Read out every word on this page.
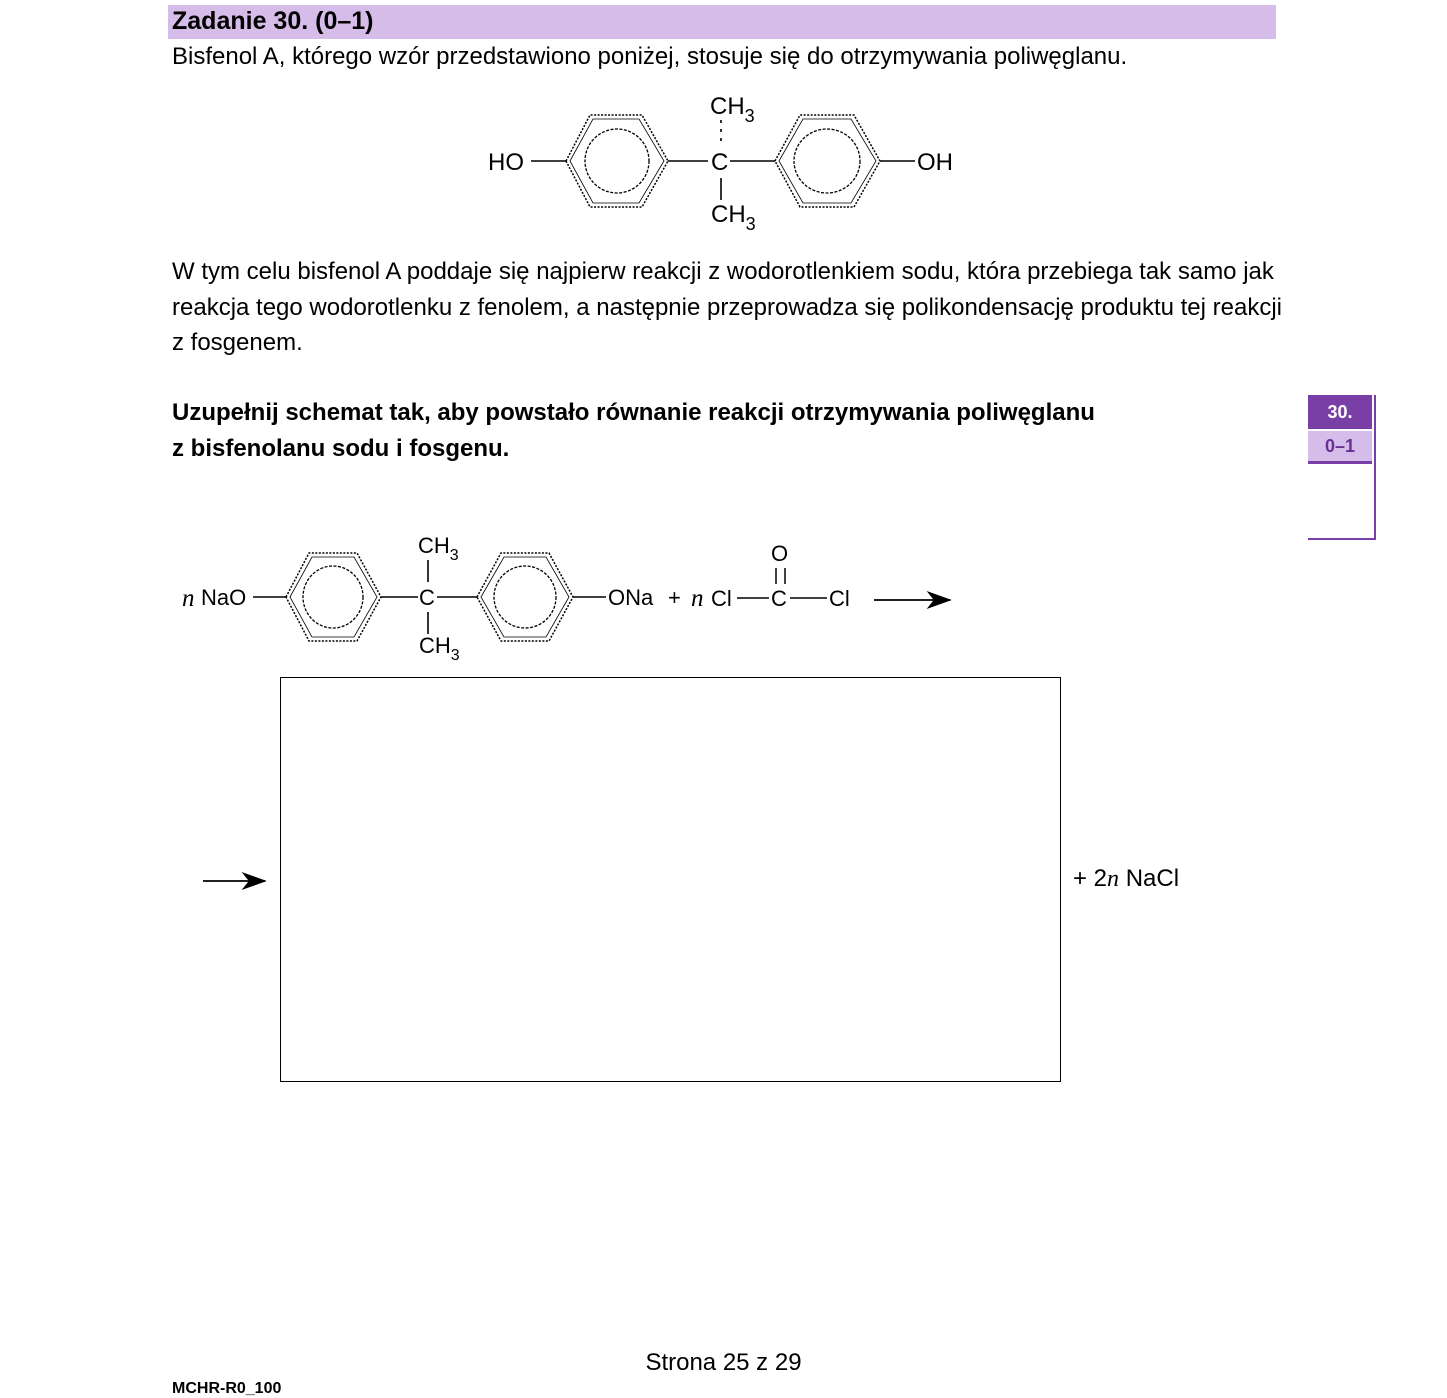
Zadanie 30. (0–1)
Bisfenol A, którego wzór przedstawiono poniżej, stosuje się do otrzymywania poliwęglanu.
W tym celu bisfenol A poddaje się najpierw reakcji z wodorotlenkiem sodu, która przebiega tak samo jak reakcja tego wodorotlenku z fenolem, a następnie przeprowadza się polikondensację produktu tej reakcji z fosgenem.
Uzupełnij schemat tak, aby powstało równanie reakcji otrzymywania poliwęglanu
z bisfenolanu sodu i fosgenu.
30.
0–1
HO	C
$CH_3$
$CH_3$
OH
n NaO	C
$CH_3$
$CH_3$
ONa + n Cl C Cl
O
+ 2n NaCl
Strona 25 z 29
MCHR-R0_100
